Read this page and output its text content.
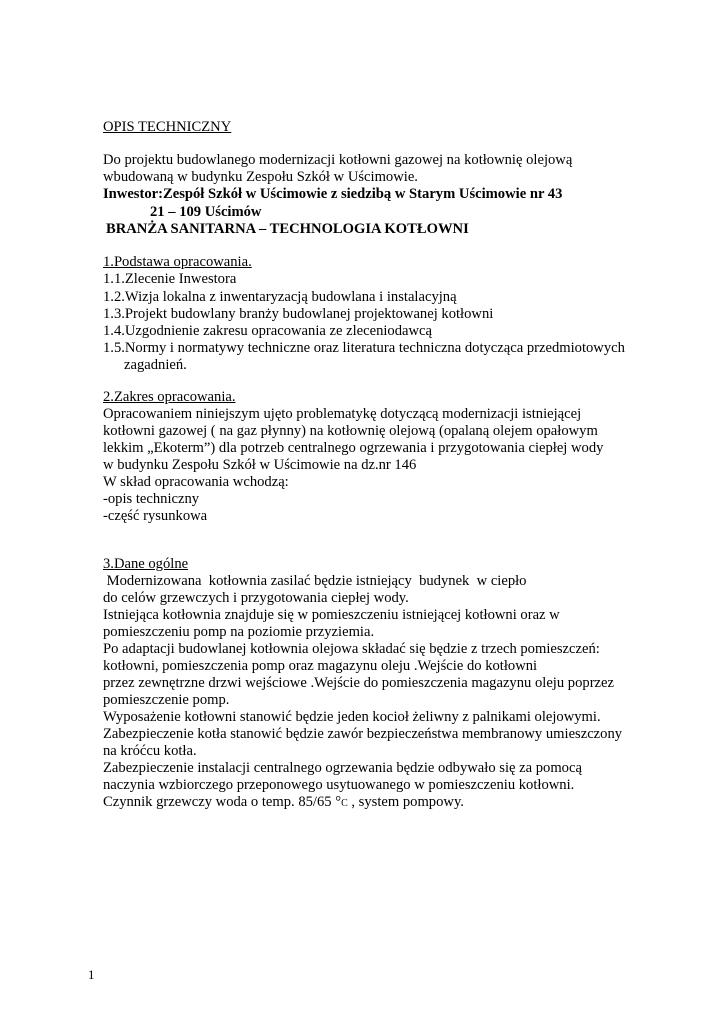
OPIS TECHNICZNY
Do projektu budowlanego modernizacji kotłowni gazowej na kotłownię olejową
wbudowaną w budynku Zespołu Szkół w Uścimowie.
Inwestor:Zespół Szkół w Uścimowie z siedzibą w Starym Uścimowie nr 43
21 – 109 Uścimów
BRANŻA SANITARNA – TECHNOLOGIA KOTŁOWNI
1.Podstawa opracowania.
1.1.Zlecenie Inwestora
1.2.Wizja lokalna z inwentaryzacją budowlana i instalacyjną
1.3.Projekt budowlany branży budowlanej projektowanej kotłowni
1.4.Uzgodnienie zakresu opracowania ze zleceniodawcą
1.5.Normy i normatywy techniczne oraz literatura techniczna dotycząca przedmiotowych
zagadnień.
2.Zakres opracowania.
Opracowaniem niniejszym ujęto problematykę dotyczącą modernizacji istniejącej
kotłowni gazowej ( na gaz płynny) na kotłownię olejową (opalaną olejem opałowym
lekkim „Ekoterm”) dla potrzeb centralnego ogrzewania i przygotowania ciepłej wody
w budynku Zespołu Szkół w Uścimowie na dz.nr 146
W skład opracowania wchodzą:
-opis techniczny
-część rysunkowa
3.Dane ogólne
Modernizowana  kotłownia zasilać będzie istniejący  budynek  w ciepło
do celów grzewczych i przygotowania ciepłej wody.
Istniejąca kotłownia znajduje się w pomieszczeniu istniejącej kotłowni oraz w
pomieszczeniu pomp na poziomie przyziemia.
Po adaptacji budowlanej kotłownia olejowa składać się będzie z trzech pomieszczeń:
kotłowni, pomieszczenia pomp oraz magazynu oleju .Wejście do kotłowni
przez zewnętrzne drzwi wejściowe .Wejście do pomieszczenia magazynu oleju poprzez
pomieszczenie pomp.
Wyposażenie kotłowni stanowić będzie jeden kocioł żeliwny z palnikami olejowymi.
Zabezpieczenie kotła stanowić będzie zawór bezpieczeństwa membranowy umieszczony
na króćcu kotła.
Zabezpieczenie instalacji centralnego ogrzewania będzie odbywało się za pomocą
naczynia wzbiorczego przeponowego usytuowanego w pomieszczeniu kotłowni.
Czynnik grzewczy woda o temp. 85/65 °C , system pompowy.
1
